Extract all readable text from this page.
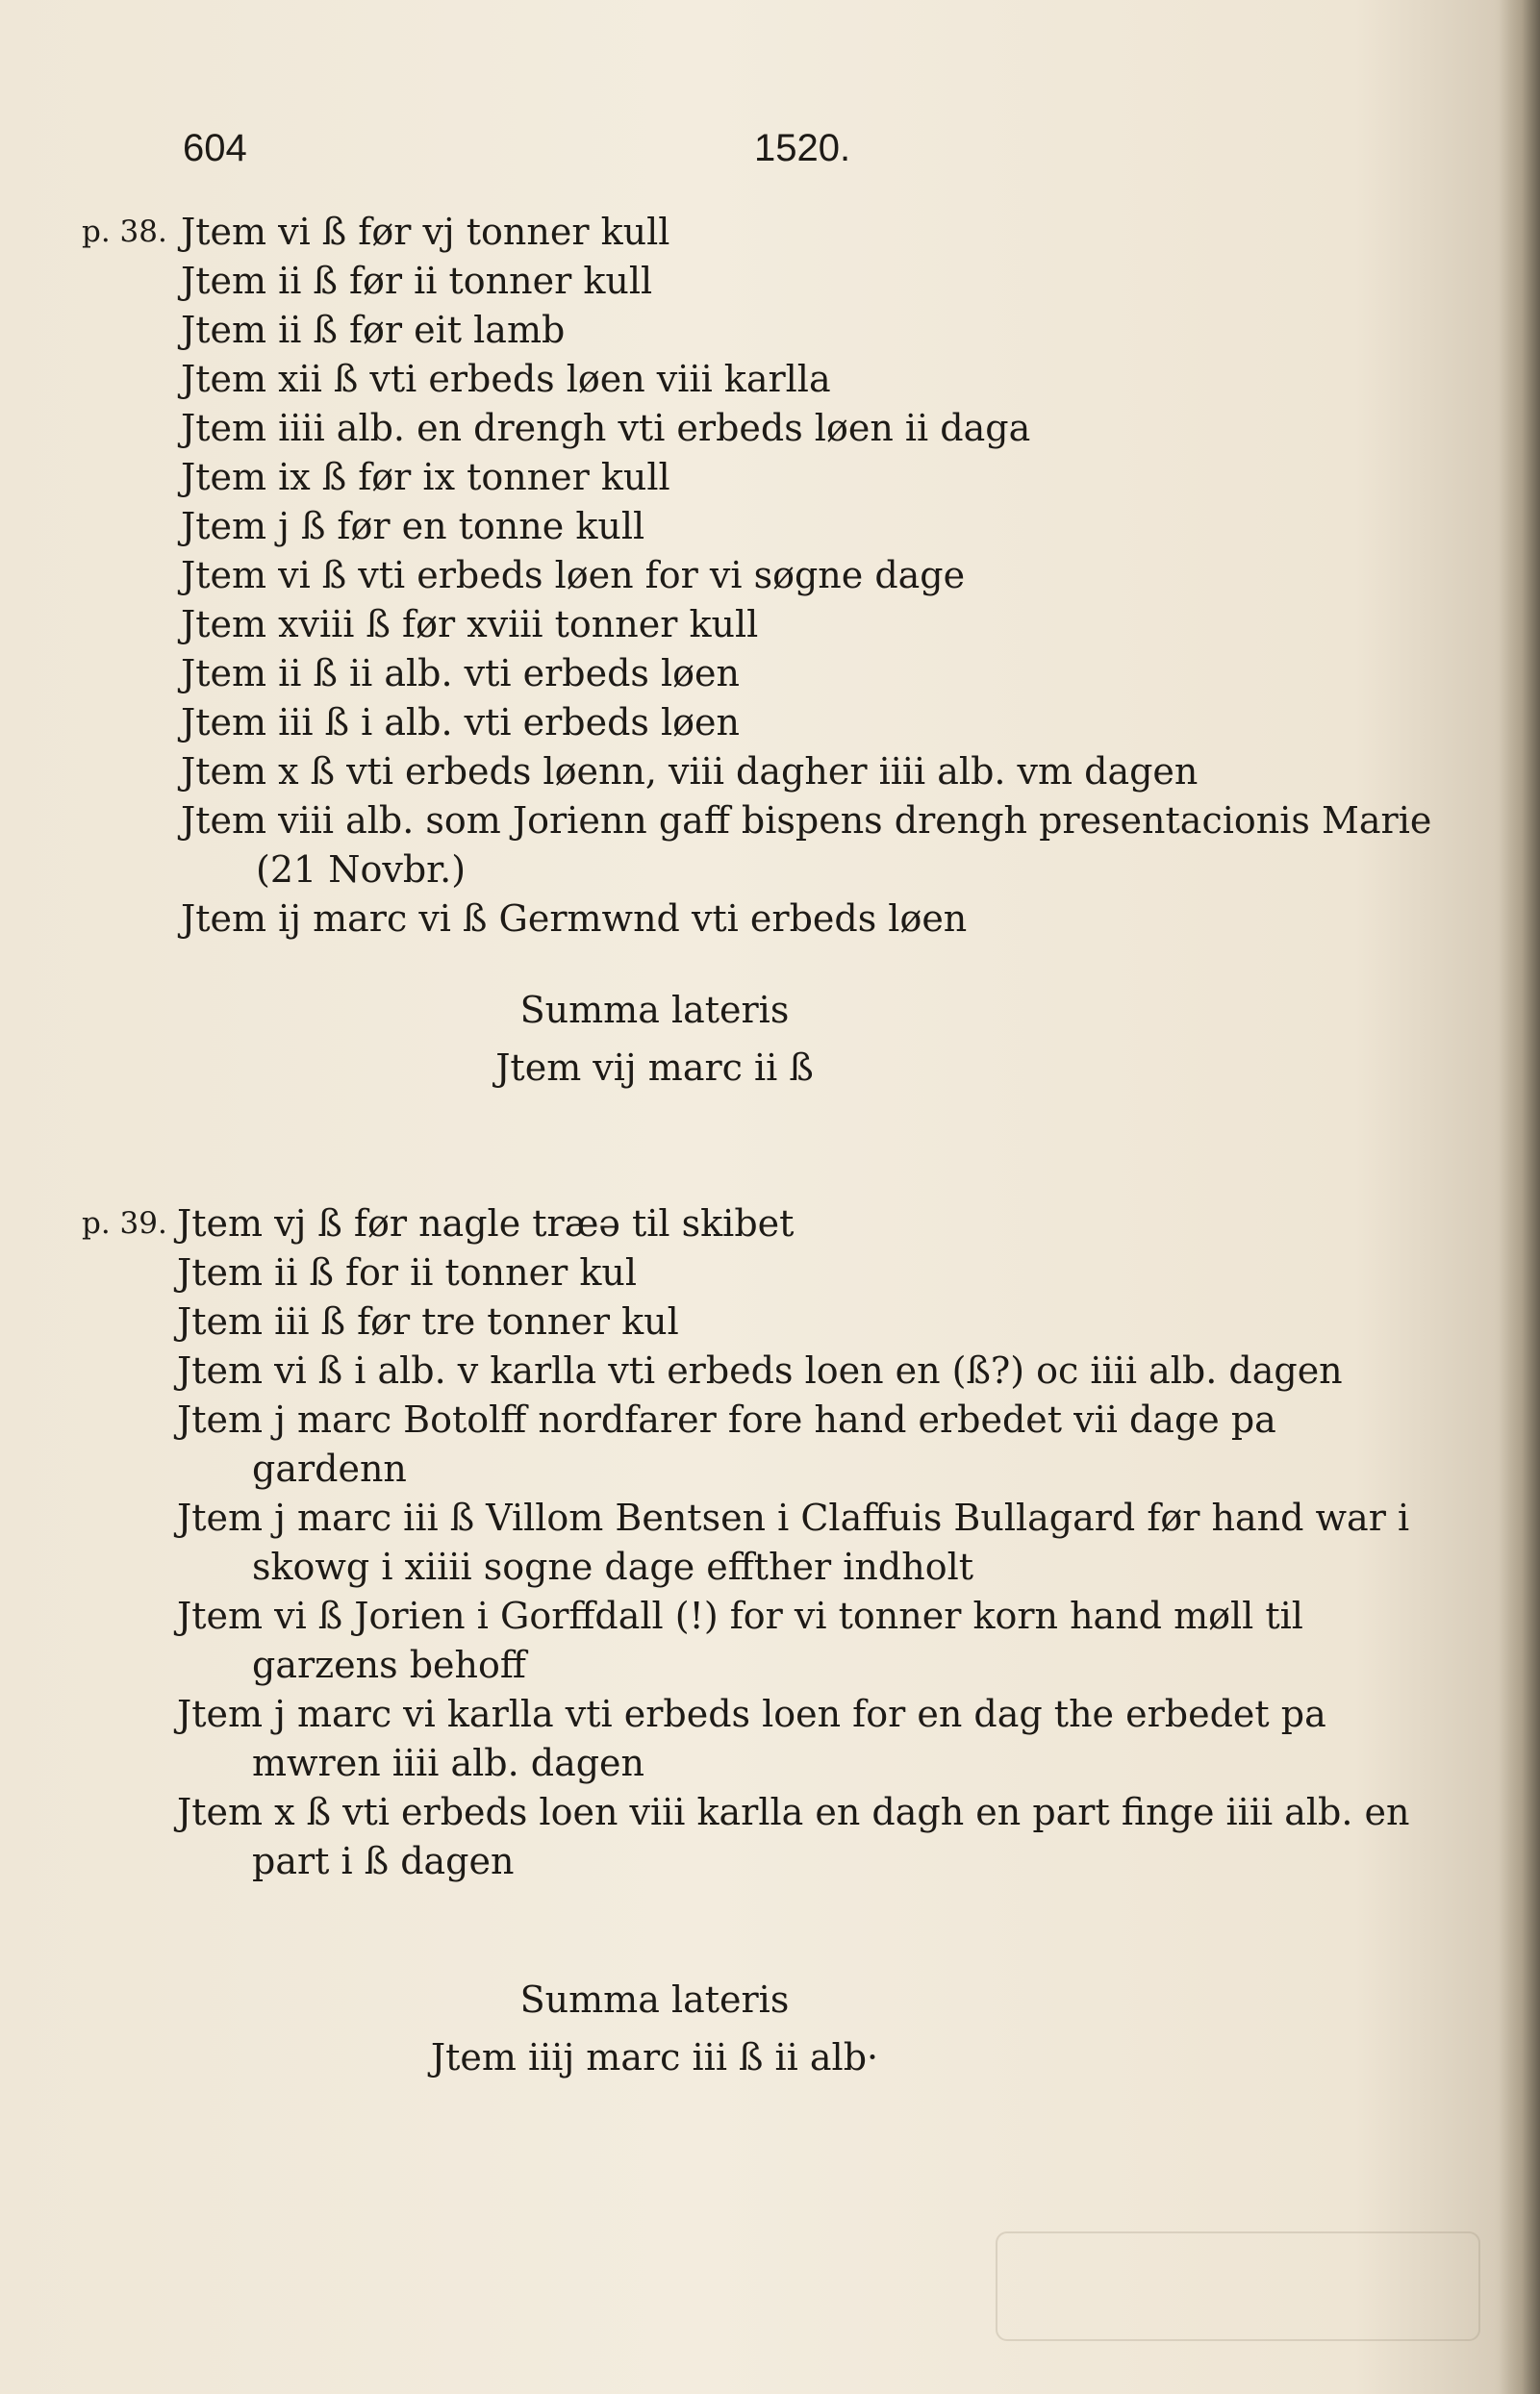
604	1520.
p. 38. Jtem vi ß før vj tonner kull
Jtem ii ß før ii tonner kull
Jtem ii ß før eit lamb
Jtem xii ß vti erbeds løen viii karlla
Jtem iiii alb. en drengh vti erbeds løen ii daga
Jtem ix ß før ix tonner kull
Jtem j ß før en tonne kull
Jtem vi ß vti erbeds løen for vi søgne dage
Jtem xviii ß før xviii tonner kull
Jtem ii ß ii alb. vti erbeds løen
Jtem iii ß i alb. vti erbeds løen
Jtem x ß vti erbeds løenn, viii dagher iiii alb. vm dagen
Jtem viii alb. som Jorienn gaff bispens drengh presentacionis Marie (21 Novbr.)
Jtem ij marc vi ß Germwnd vti erbeds løen
Summa lateris
Jtem vij marc ii ß
p. 39. Jtem vj ß før nagle træә til skibet
Jtem ii ß for ii tonner kul
Jtem iii ß før tre tonner kul
Jtem vi ß i alb. v karlla vti erbeds loen en (ß?) oc iiii alb. dagen
Jtem j marc Botolff nordfarer fore hand erbedet vii dage pa gardenn
Jtem j marc iii ß Villom Bentsen i Claffuis Bullagard før hand war i skowg i xiiii sogne dage effther indholt
Jtem vi ß Jorien i Gorffdall (!) for vi tonner korn hand møll til garzens behoff
Jtem j marc vi karlla vti erbeds loen for en dag the erbedet pa mwren iiii alb. dagen
Jtem x ß vti erbeds loen viii karlla en dagh en part finge iiii alb. en part i ß dagen
Summa lateris
Jtem iiij marc iii ß ii alb·
